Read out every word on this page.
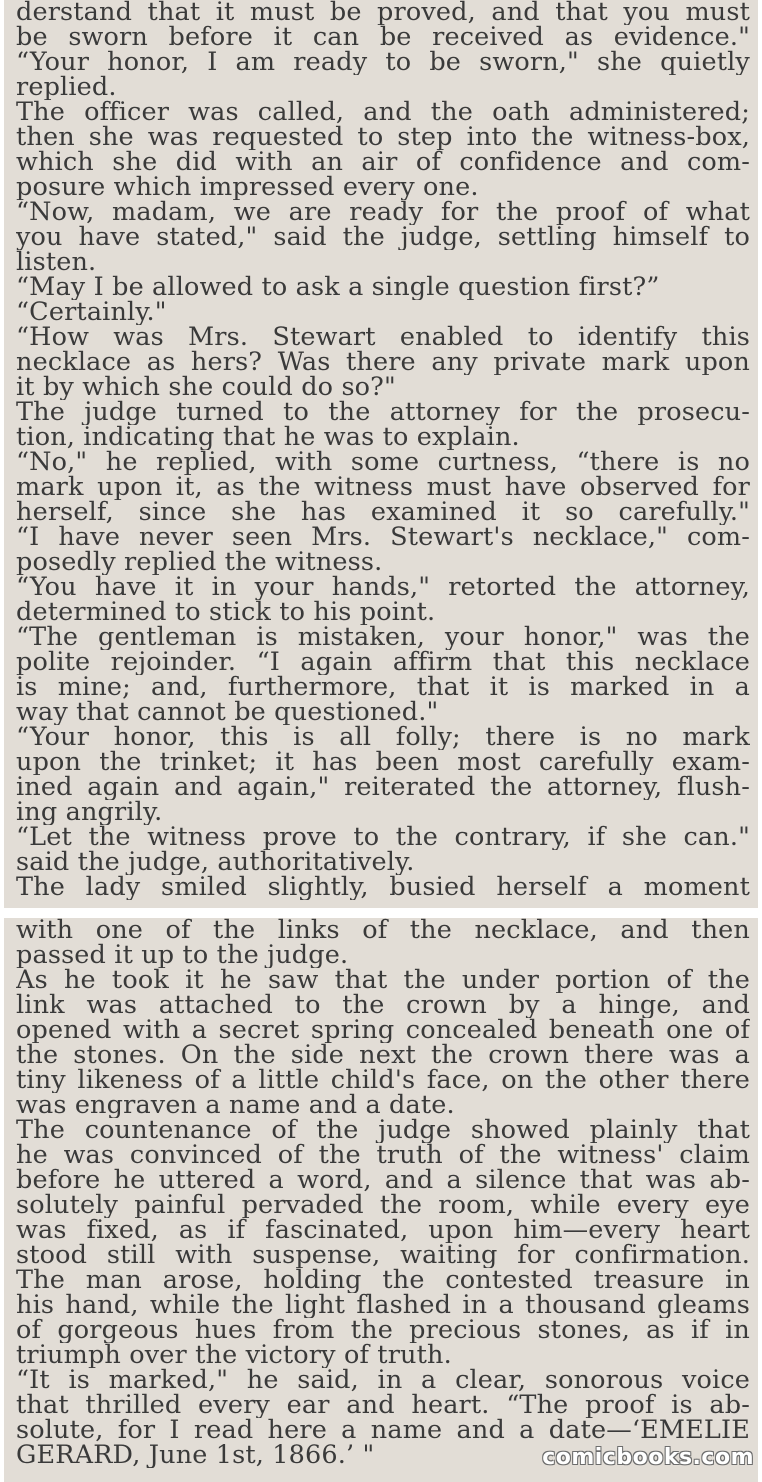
derstand that it must be proved, and that you must
be sworn before it can be received as evidence."
“Your honor, I am ready to be sworn," she quietly
replied.
The officer was called, and the oath administered;
then she was requested to step into the witness-box,
which she did with an air of confidence and com-
posure which impressed every one.
“Now, madam, we are ready for the proof of what
you have stated," said the judge, settling himself to
listen.
“May I be allowed to ask a single question first?”
“Certainly."
“How was Mrs. Stewart enabled to identify this
necklace as hers? Was there any private mark upon
it by which she could do so?"
The judge turned to the attorney for the prosecu-
tion, indicating that he was to explain.
“No," he replied, with some curtness, “there is no
mark upon it, as the witness must have observed for
herself, since she has examined it so carefully."
“I have never seen Mrs. Stewart's necklace," com-
posedly replied the witness.
“You have it in your hands," retorted the attorney,
determined to stick to his point.
“The gentleman is mistaken, your honor," was the
polite rejoinder. “I again affirm that this necklace
is mine; and, furthermore, that it is marked in a
way that cannot be questioned."
“Your honor, this is all folly; there is no mark
upon the trinket; it has been most carefully exam-
ined again and again," reiterated the attorney, flush-
ing angrily.
“Let the witness prove to the contrary, if she can."
said the judge, authoritatively.
The lady smiled slightly, busied herself a moment
with one of the links of the necklace, and then
passed it up to the judge.
As he took it he saw that the under portion of the
link was attached to the crown by a hinge, and
opened with a secret spring concealed beneath one of
the stones. On the side next the crown there was a
tiny likeness of a little child's face, on the other there
was engraven a name and a date.
The countenance of the judge showed plainly that
he was convinced of the truth of the witness' claim
before he uttered a word, and a silence that was ab-
solutely painful pervaded the room, while every eye
was fixed, as if fascinated, upon him—every heart
stood still with suspense, waiting for confirmation.
The man arose, holding the contested treasure in
his hand, while the light flashed in a thousand gleams
of gorgeous hues from the precious stones, as if in
triumph over the victory of truth.
“It is marked," he said, in a clear, sonorous voice
that thrilled every ear and heart. “The proof is ab-
solute, for I read here a name and a date—‘EMELIE
GERARD, June 1st, 1866.’ "	comicbooks.com
